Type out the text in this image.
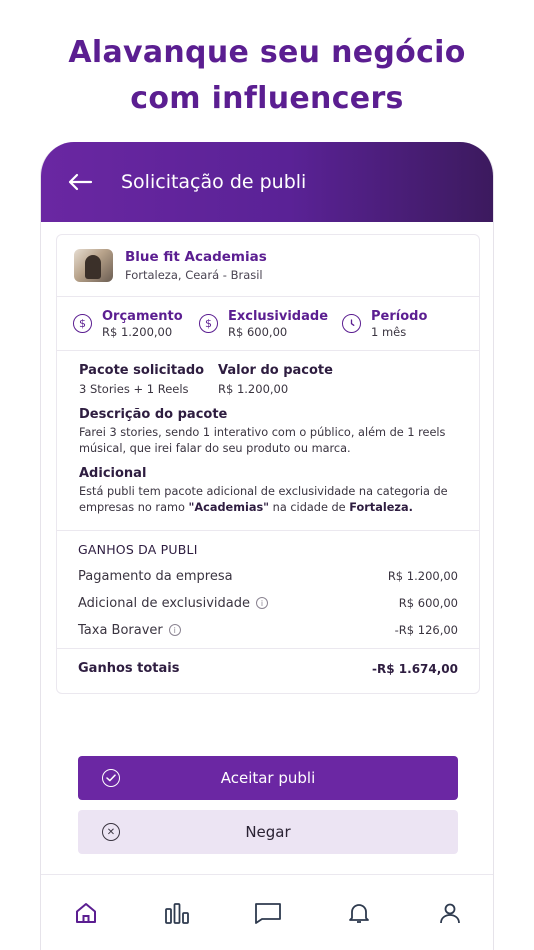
Alavanque seu negócio
com influencers
Solicitação de publi
Blue fit Academias
Fortaleza, Ceará - Brasil
$	Orçamento
R$ 1.200,00
$	Exclusividade
R$ 600,00
Período
1 mês
Pacote solicitado
3 Stories + 1 Reels
Valor do pacote
R$ 1.200,00
Descrição do pacote
Farei 3 stories, sendo 1 interativo com o público, além de 1 reels músical, que irei falar do seu produto ou marca.
Adicional
Está publi tem pacote adicional de exclusividade na categoria de empresas no ramo "Academias" na cidade de Fortaleza.
GANHOS DA PUBLI
Pagamento da empresa	R$ 1.200,00
Adicional de exclusividade	i	R$ 600,00
Taxa Boraver	i	-R$ 126,00
Ganhos totais	-R$ 1.674,00
Aceitar publi
✕	Negar
